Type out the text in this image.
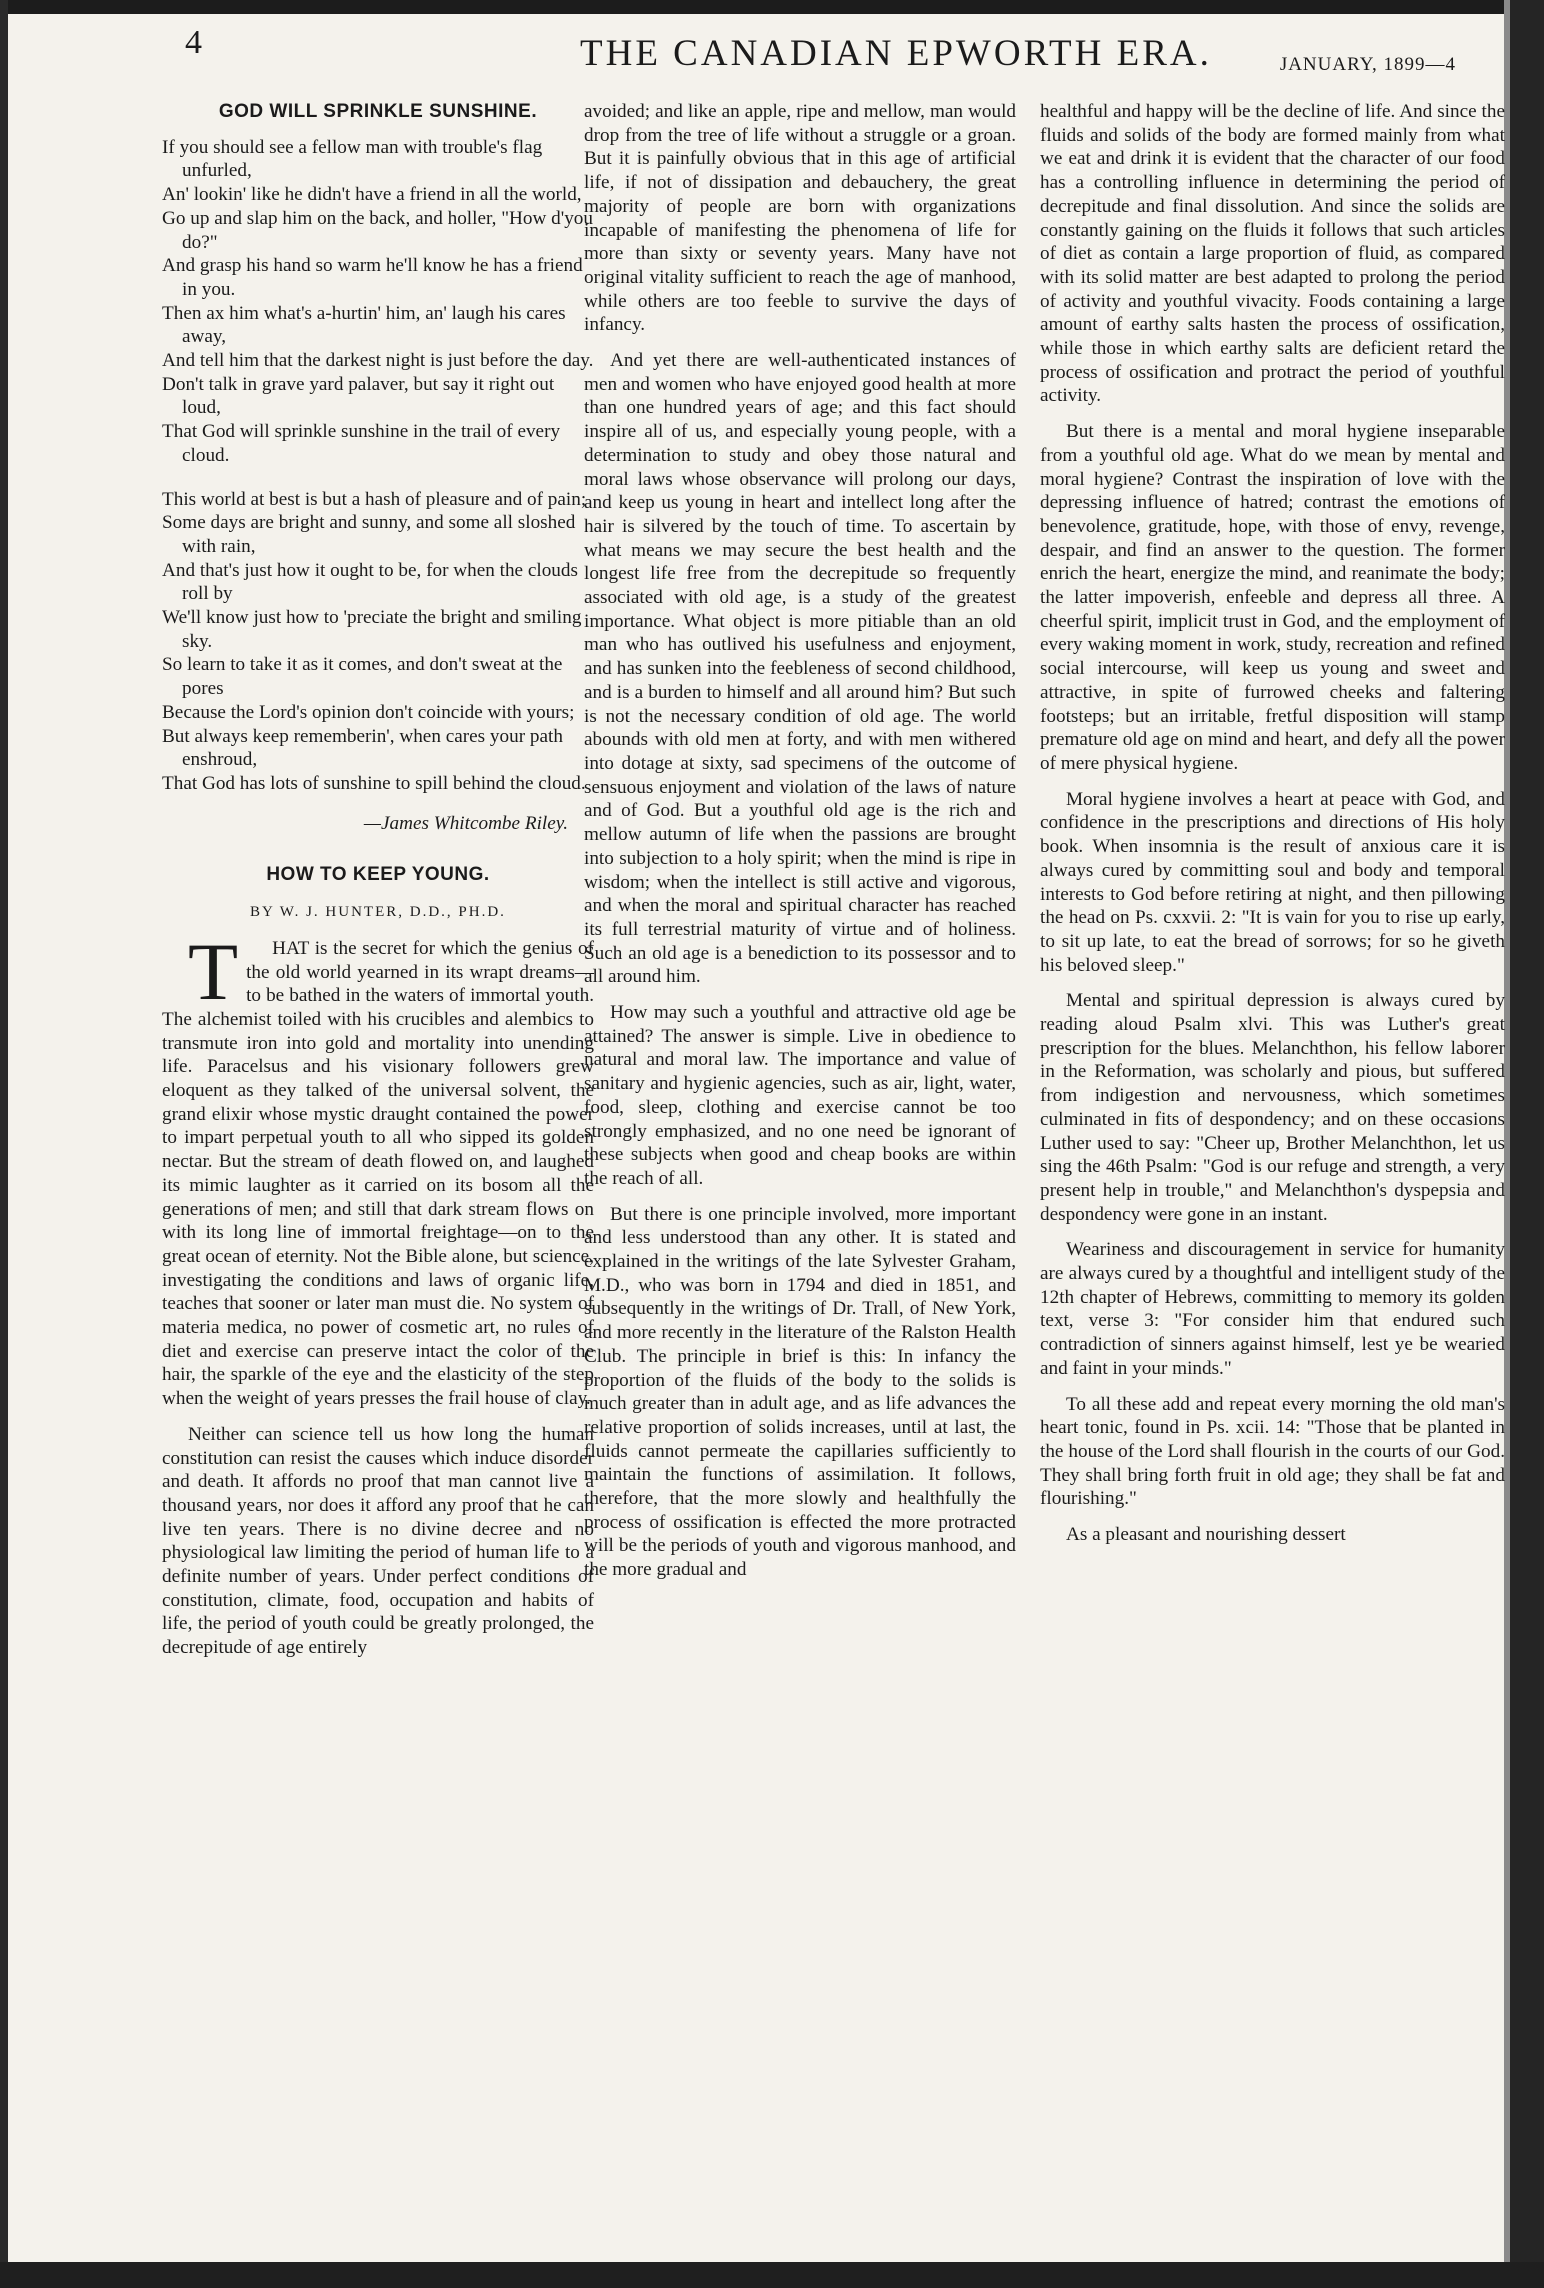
4	THE CANADIAN EPWORTH ERA.	JANUARY, 1899—4
GOD WILL SPRINKLE SUNSHINE.

If you should see a fellow man with trouble's flag unfurled,

An' lookin' like he didn't have a friend in all the world,

Go up and slap him on the back, and holler, "How d'you do?"

And grasp his hand so warm he'll know he has a friend in you.

Then ax him what's a-hurtin' him, an' laugh his cares away,

And tell him that the darkest night is just before the day.

Don't talk in grave yard palaver, but say it right out loud,

That God will sprinkle sunshine in the trail of every cloud.

This world at best is but a hash of pleasure and of pain;

Some days are bright and sunny, and some all sloshed with rain,

And that's just how it ought to be, for when the clouds roll by

We'll know just how to 'preciate the bright and smiling sky.

So learn to take it as it comes, and don't sweat at the pores

Because the Lord's opinion don't coincide with yours;

But always keep rememberin', when cares your path enshroud,

That God has lots of sunshine to spill behind the cloud.

—James Whitcombe Riley.
HOW TO KEEP YOUNG.
BY W. J. HUNTER, D.D., PH.D.

THAT is the secret for which the genius of the old world yearned in its wrapt dreams—to be bathed in the waters of immortal youth. The alchemist toiled with his crucibles and alembics to transmute iron into gold and mortality into unending life. Paracelsus and his visionary followers grew eloquent as they talked of the universal solvent, the grand elixir whose mystic draught contained the power to impart perpetual youth to all who sipped its golden nectar. But the stream of death flowed on, and laughed its mimic laughter as it carried on its bosom all the generations of men; and still that dark stream flows on with its long line of immortal freightage—on to the great ocean of eternity. Not the Bible alone, but science, investigating the conditions and laws of organic life, teaches that sooner or later man must die. No system of materia medica, no power of cosmetic art, no rules of diet and exercise can preserve intact the color of the hair, the sparkle of the eye and the elasticity of the step when the weight of years presses the frail house of clay.

Neither can science tell us how long the human constitution can resist the causes which induce disorder and death. It affords no proof that man cannot live a thousand years, nor does it afford any proof that he can live ten years. There is no divine decree and no physiological law limiting the period of human life to a definite number of years. Under perfect conditions of constitution, climate, food, occupation and habits of life, the period of youth could be greatly prolonged, the decrepitude of age entirely

avoided; and like an apple, ripe and mellow, man would drop from the tree of life without a struggle or a groan. But it is painfully obvious that in this age of artificial life, if not of dissipation and debauchery, the great majority of people are born with organizations incapable of manifesting the phenomena of life for more than sixty or seventy years. Many have not original vitality sufficient to reach the age of manhood, while others are too feeble to survive the days of infancy.

And yet there are well-authenticated instances of men and women who have enjoyed good health at more than one hundred years of age; and this fact should inspire all of us, and especially young people, with a determination to study and obey those natural and moral laws whose observance will prolong our days, and keep us young in heart and intellect long after the hair is silvered by the touch of time. To ascertain by what means we may secure the best health and the longest life free from the decrepitude so frequently associated with old age, is a study of the greatest importance. What object is more pitiable than an old man who has outlived his usefulness and enjoyment, and has sunken into the feebleness of second childhood, and is a burden to himself and all around him? But such is not the necessary condition of old age. The world abounds with old men at forty, and with men withered into dotage at sixty, sad specimens of the outcome of sensuous enjoyment and violation of the laws of nature and of God. But a youthful old age is the rich and mellow autumn of life when the passions are brought into subjection to a holy spirit; when the mind is ripe in wisdom; when the intellect is still active and vigorous, and when the moral and spiritual character has reached its full terrestrial maturity of virtue and of holiness. Such an old age is a benediction to its possessor and to all around him.

How may such a youthful and attractive old age be attained? The answer is simple. Live in obedience to natural and moral law. The importance and value of sanitary and hygienic agencies, such as air, light, water, food, sleep, clothing and exercise cannot be too strongly emphasized, and no one need be ignorant of these subjects when good and cheap books are within the reach of all.

But there is one principle involved, more important and less understood than any other. It is stated and explained in the writings of the late Sylvester Graham, M.D., who was born in 1794 and died in 1851, and subsequently in the writings of Dr. Trall, of New York, and more recently in the literature of the Ralston Health Club. The principle in brief is this: In infancy the proportion of the fluids of the body to the solids is much greater than in adult age, and as life advances the relative proportion of solids increases, until at last, the fluids cannot permeate the capillaries sufficiently to maintain the functions of assimilation. It follows, therefore, that the more slowly and healthfully the process of ossification is effected the more protracted will be the periods of youth and vigorous manhood, and the more gradual and

healthful and happy will be the decline of life. And since the fluids and solids of the body are formed mainly from what we eat and drink it is evident that the character of our food has a controlling influence in determining the period of decrepitude and final dissolution. And since the solids are constantly gaining on the fluids it follows that such articles of diet as contain a large proportion of fluid, as compared with its solid matter are best adapted to prolong the period of activity and youthful vivacity. Foods containing a large amount of earthy salts hasten the process of ossification, while those in which earthy salts are deficient retard the process of ossification and protract the period of youthful activity.

But there is a mental and moral hygiene inseparable from a youthful old age. What do we mean by mental and moral hygiene? Contrast the inspiration of love with the depressing influence of hatred; contrast the emotions of benevolence, gratitude, hope, with those of envy, revenge, despair, and find an answer to the question. The former enrich the heart, energize the mind, and reanimate the body; the latter impoverish, enfeeble and depress all three. A cheerful spirit, implicit trust in God, and the employment of every waking moment in work, study, recreation and refined social intercourse, will keep us young and sweet and attractive, in spite of furrowed cheeks and faltering footsteps; but an irritable, fretful disposition will stamp premature old age on mind and heart, and defy all the power of mere physical hygiene.

Moral hygiene involves a heart at peace with God, and confidence in the prescriptions and directions of His holy book. When insomnia is the result of anxious care it is always cured by committing soul and body and temporal interests to God before retiring at night, and then pillowing the head on Ps. cxxvii. 2: "It is vain for you to rise up early, to sit up late, to eat the bread of sorrows; for so he giveth his beloved sleep."

Mental and spiritual depression is always cured by reading aloud Psalm xlvi. This was Luther's great prescription for the blues. Melanchthon, his fellow laborer in the Reformation, was scholarly and pious, but suffered from indigestion and nervousness, which sometimes culminated in fits of despondency; and on these occasions Luther used to say: "Cheer up, Brother Melanchthon, let us sing the 46th Psalm: "God is our refuge and strength, a very present help in trouble," and Melanchthon's dyspepsia and despondency were gone in an instant.

Weariness and discouragement in service for humanity are always cured by a thoughtful and intelligent study of the 12th chapter of Hebrews, committing to memory its golden text, verse 3: "For consider him that endured such contradiction of sinners against himself, lest ye be wearied and faint in your minds."

To all these add and repeat every morning the old man's heart tonic, found in Ps. xcii. 14: "Those that be planted in the house of the Lord shall flourish in the courts of our God. They shall bring forth fruit in old age; they shall be fat and flourishing."

As a pleasant and nourishing dessert
